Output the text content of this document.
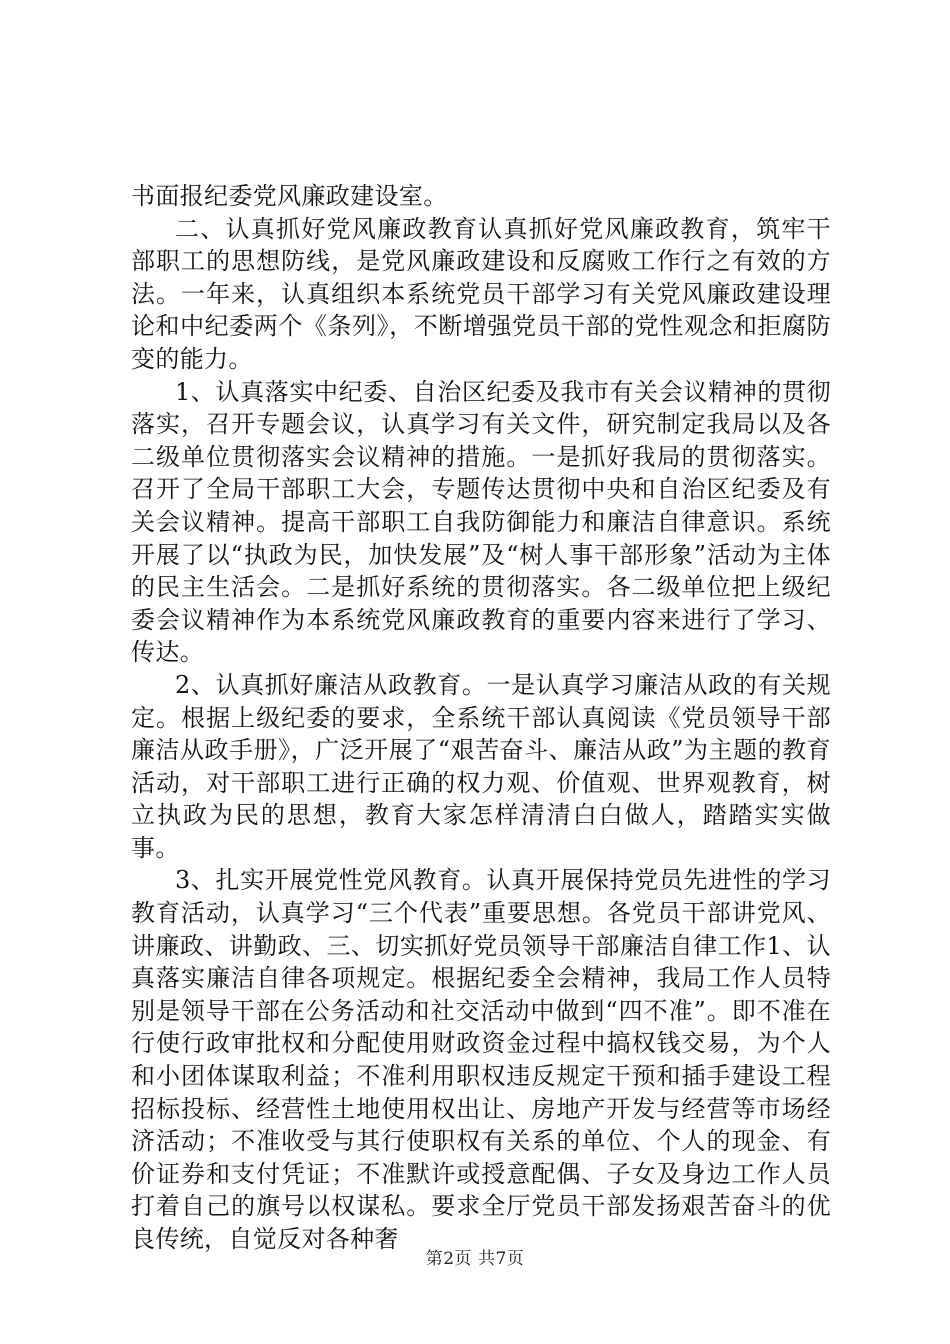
书面报纪委党风廉政建设室。

二、认真抓好党风廉政教育认真抓好党风廉政教育，筑牢干部职工的思想防线，是党风廉政建设和反腐败工作行之有效的方法。一年来，认真组织本系统党员干部学习有关党风廉政建设理论和中纪委两个《条列》，不断增强党员干部的党性观念和拒腐防变的能力。

1、认真落实中纪委、自治区纪委及我市有关会议精神的贯彻落实，召开专题会议，认真学习有关文件，研究制定我局以及各二级单位贯彻落实会议精神的措施。一是抓好我局的贯彻落实。召开了全局干部职工大会，专题传达贯彻中央和自治区纪委及有关会议精神。提高干部职工自我防御能力和廉洁自律意识。系统开展了以“执政为民，加快发展”及“树人事干部形象”活动为主体的民主生活会。二是抓好系统的贯彻落实。各二级单位把上级纪委会议精神作为本系统党风廉政教育的重要内容来进行了学习、传达。

2、认真抓好廉洁从政教育。一是认真学习廉洁从政的有关规定。根据上级纪委的要求，全系统干部认真阅读《党员领导干部廉洁从政手册》，广泛开展了“艰苦奋斗、廉洁从政”为主题的教育活动，对干部职工进行正确的权力观、价值观、世界观教育，树立执政为民的思想，教育大家怎样清清白白做人，踏踏实实做事。

3、扎实开展党性党风教育。认真开展保持党员先进性的学习教育活动，认真学习“三个代表”重要思想。各党员干部讲党风、讲廉政、讲勤政、三、切实抓好党员领导干部廉洁自律工作1、认真落实廉洁自律各项规定。根据纪委全会精神，我局工作人员特别是领导干部在公务活动和社交活动中做到“四不准”。即不准在行使行政审批权和分配使用财政资金过程中搞权钱交易，为个人和小团体谋取利益；不准利用职权违反规定干预和插手建设工程招标投标、经营性土地使用权出让、房地产开发与经营等市场经济活动；不准收受与其行使职权有关系的单位、个人的现金、有价证券和支付凭证；不准默许或授意配偶、子女及身边工作人员打着自己的旗号以权谋私。要求全厅党员干部发扬艰苦奋斗的优良传统，自觉反对各种奢

第2页 共7页
